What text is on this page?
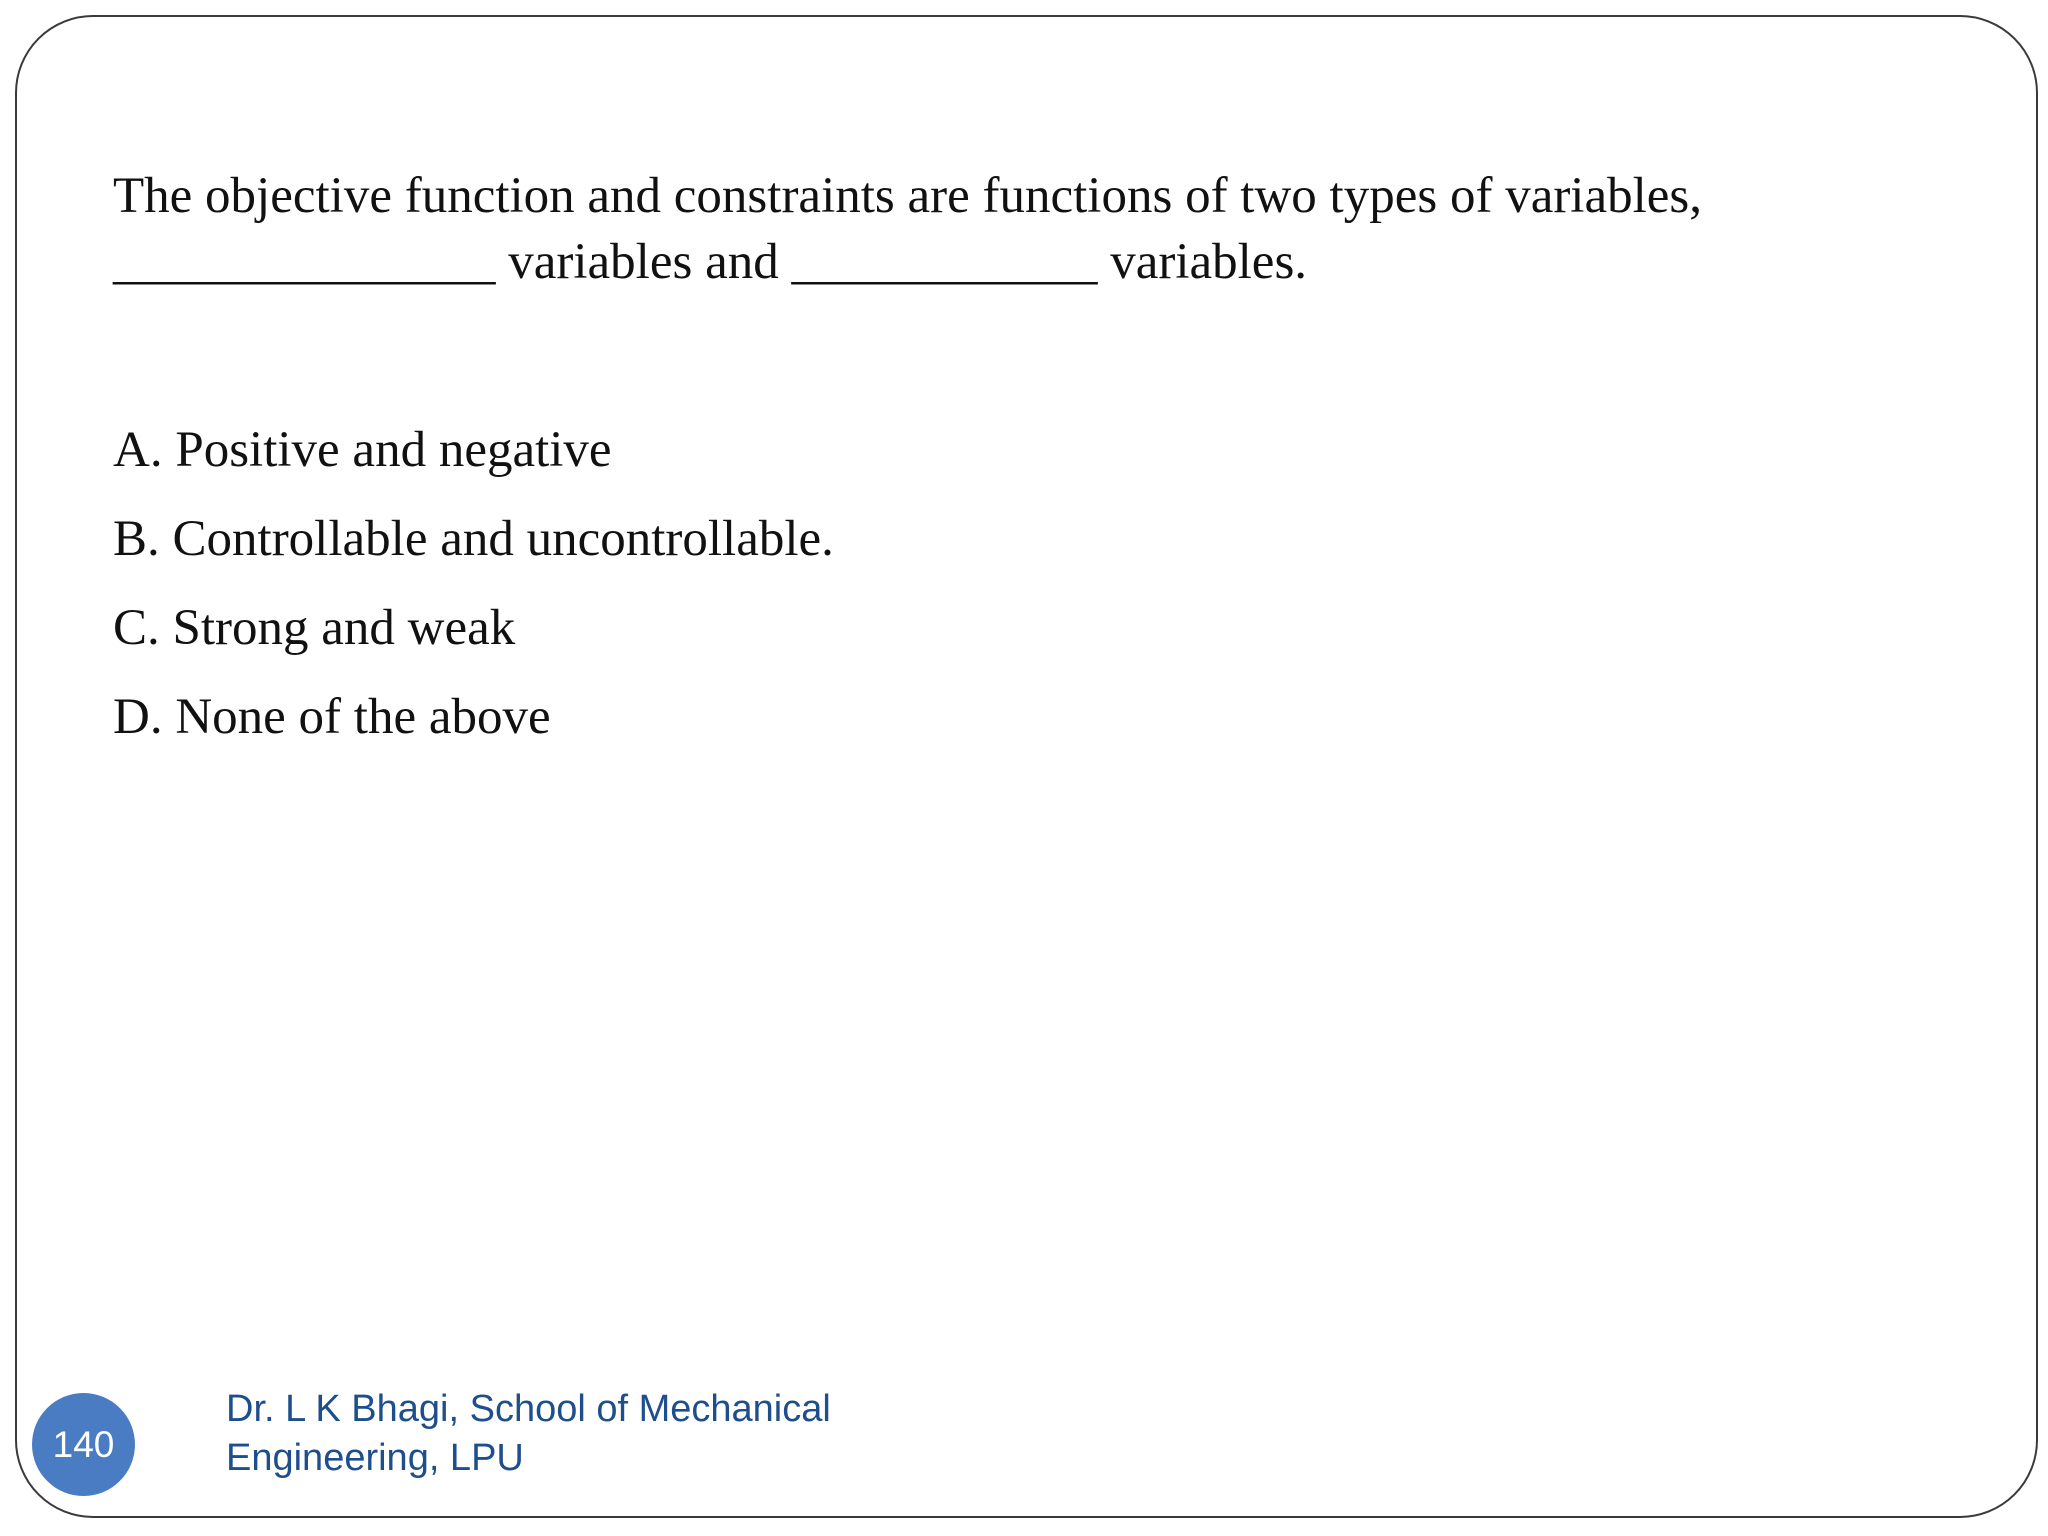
The objective function and constraints are functions of two types of variables, _______________ variables and ____________ variables.
A. Positive and negative
B. Controllable and uncontrollable.
C. Strong and weak
D. None of the above
140
Dr. L K Bhagi, School of Mechanical Engineering, LPU
